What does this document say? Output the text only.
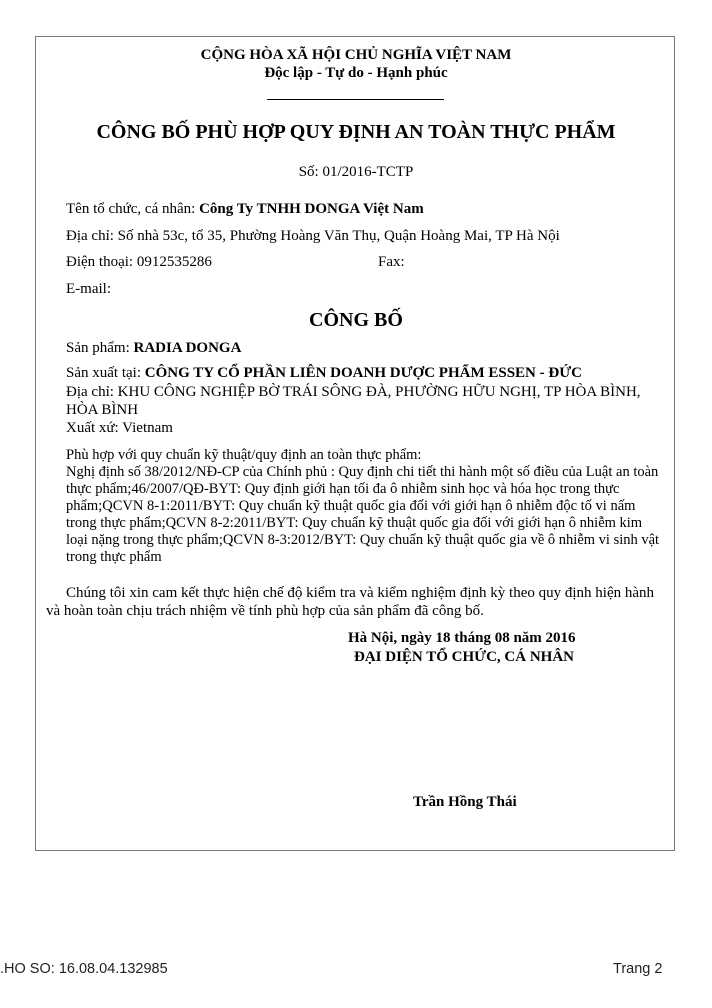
CỘNG HÒA XÃ HỘI CHỦ NGHĨA VIỆT NAM
Độc lập - Tự do - Hạnh phúc
CÔNG BỐ PHÙ HỢP QUY ĐỊNH AN TOÀN THỰC PHẨM
Số: 01/2016-TCTP
Tên tổ chức, cá nhân: Công Ty TNHH DONGA Việt Nam
Địa chỉ: Số nhà 53c, tổ 35, Phường Hoàng Văn Thụ, Quận Hoàng Mai, TP Hà Nội
Điện thoại: 0912535286	Fax:
E-mail:
CÔNG BỐ
Sản phẩm: RADIA DONGA
Sản xuất tại: CÔNG TY CỔ PHẦN LIÊN DOANH DƯỢC PHẨM ESSEN - ĐỨC
Địa chỉ: KHU CÔNG NGHIỆP BỜ TRÁI SÔNG ĐÀ, PHƯỜNG HỮU NGHỊ, TP HÒA BÌNH, HÒA BÌNH
Xuất xứ: Vietnam
Phù hợp với quy chuẩn kỹ thuật/quy định an toàn thực phẩm:
Nghị định số 38/2012/NĐ-CP của Chính phủ : Quy định chi tiết thi hành một số điều của Luật an toàn thực phẩm;46/2007/QĐ-BYT: Quy định giới hạn tối đa ô nhiễm sinh học và hóa học trong thực phẩm;QCVN 8-1:2011/BYT: Quy chuẩn kỹ thuật quốc gia đối với giới hạn ô nhiễm độc tố vi nấm trong thực phẩm;QCVN 8-2:2011/BYT: Quy chuẩn kỹ thuật quốc gia đối với giới hạn ô nhiễm kim loại nặng trong thực phẩm;QCVN 8-3:2012/BYT: Quy chuẩn kỹ thuật quốc gia về ô nhiễm vi sinh vật trong thực phẩm
Chúng tôi xin cam kết thực hiện chế độ kiểm tra và kiểm nghiệm định kỳ theo quy định hiện hành và hoàn toàn chịu trách nhiệm về tính phù hợp của sản phẩm đã công bố.
Hà Nội, ngày 18 tháng 08 năm 2016
ĐẠI DIỆN TỔ CHỨC, CÁ NHÂN
Trần Hồng Thái
.HO SO: 16.08.04.132985	Trang 2
